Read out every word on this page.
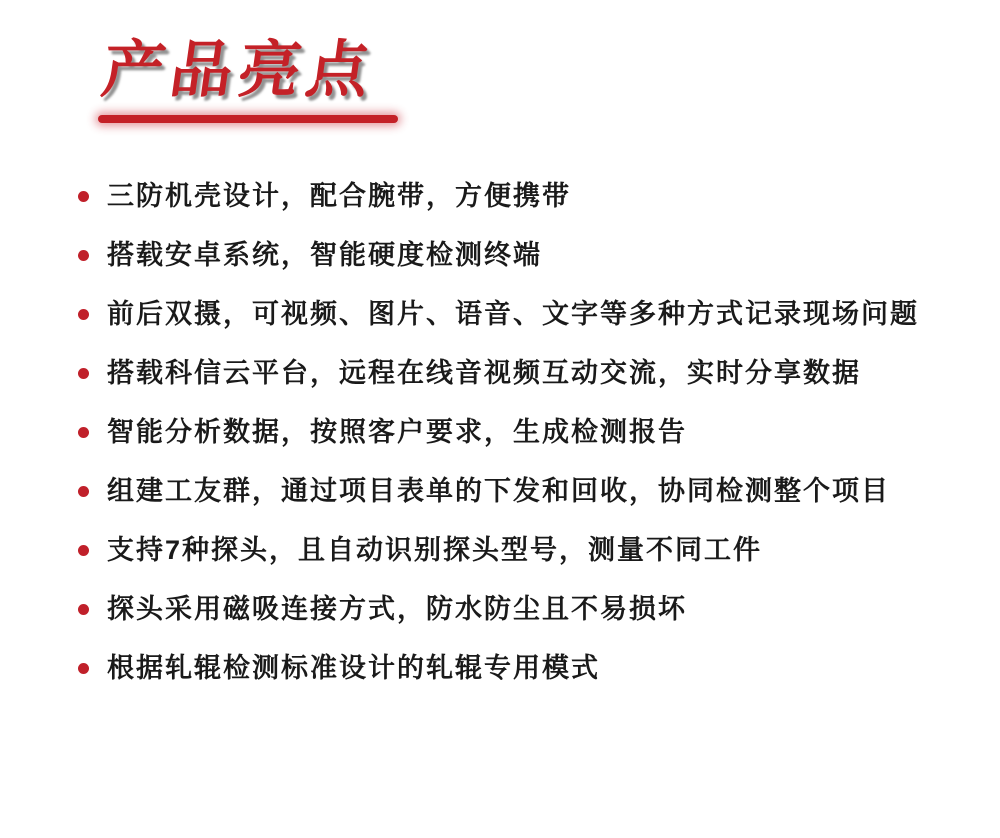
产品亮点
三防机壳设计，配合腕带，方便携带
搭载安卓系统，智能硬度检测终端
前后双摄，可视频、图片、语音、文字等多种方式记录现场问题
搭载科信云平台，远程在线音视频互动交流，实时分享数据
智能分析数据，按照客户要求，生成检测报告
组建工友群，通过项目表单的下发和回收，协同检测整个项目
支持7种探头，且自动识别探头型号，测量不同工件
探头采用磁吸连接方式，防水防尘且不易损坏
根据轧辊检测标准设计的轧辊专用模式
